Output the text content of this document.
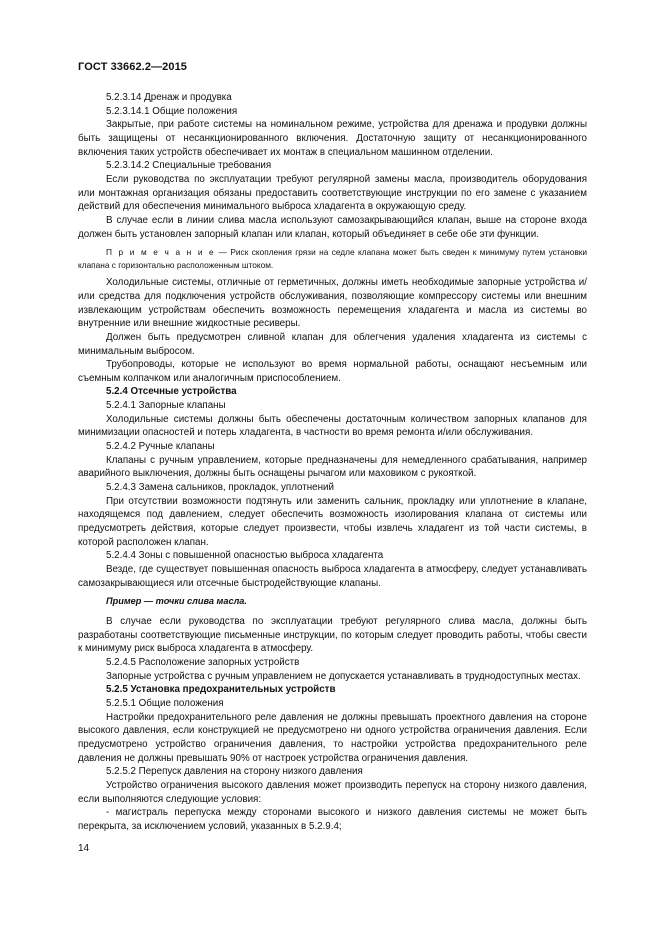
ГОСТ 33662.2—2015

5.2.3.14 Дренаж и продувка

5.2.3.14.1 Общие положения

Закрытые, при работе системы на номинальном режиме, устройства для дренажа и продувки должны быть защищены от несанкционированного включения. Достаточную защиту от несанкционированного включения таких устройств обеспечивает их монтаж в специальном машинном отделении.

5.2.3.14.2 Специальные требования

Если руководства по эксплуатации требуют регулярной замены масла, производитель оборудования или монтажная организация обязаны предоставить соответствующие инструкции по его замене с указанием действий для обеспечения минимального выброса хладагента в окружающую среду.

В случае если в линии слива масла используют самозакрывающийся клапан, выше на стороне входа должен быть установлен запорный клапан или клапан, который объединяет в себе обе эти функции.

П р и м е ч а н и е — Риск скопления грязи на седле клапана может быть сведен к минимуму путем установки клапана с горизонтально расположенным штоком.

Холодильные системы, отличные от герметичных, должны иметь необходимые запорные устройства и/или средства для подключения устройств обслуживания, позволяющие компрессору системы или внешним извлекающим устройствам обеспечить возможность перемещения хладагента и масла из системы во внутренние или внешние жидкостные ресиверы.

Должен быть предусмотрен сливной клапан для облегчения удаления хладагента из системы с минимальным выбросом.

Трубопроводы, которые не используют во время нормальной работы, оснащают несъемным или съемным колпачком или аналогичным приспособлением.

5.2.4 Отсечные устройства

5.2.4.1 Запорные клапаны

Холодильные системы должны быть обеспечены достаточным количеством запорных клапанов для минимизации опасностей и потерь хладагента, в частности во время ремонта и/или обслуживания.

5.2.4.2 Ручные клапаны

Клапаны с ручным управлением, которые предназначены для немедленного срабатывания, например аварийного выключения, должны быть оснащены рычагом или маховиком с рукояткой.

5.2.4.3 Замена сальников, прокладок, уплотнений

При отсутствии возможности подтянуть или заменить сальник, прокладку или уплотнение в клапане, находящемся под давлением, следует обеспечить возможность изолирования клапана от системы или предусмотреть действия, которые следует произвести, чтобы извлечь хладагент из той части системы, в которой расположен клапан.

5.2.4.4 Зоны с повышенной опасностью выброса хладагента

Везде, где существует повышенная опасность выброса хладагента в атмосферу, следует устанавливать самозакрывающиеся или отсечные быстродействующие клапаны.

Пример — точки слива масла.

В случае если руководства по эксплуатации требуют регулярного слива масла, должны быть разработаны соответствующие письменные инструкции, по которым следует проводить работы, чтобы свести к минимуму риск выброса хладагента в атмосферу.

5.2.4.5 Расположение запорных устройств

Запорные устройства с ручным управлением не допускается устанавливать в труднодоступных местах.

5.2.5 Установка предохранительных устройств

5.2.5.1 Общие положения

Настройки предохранительного реле давления не должны превышать проектного давления на стороне высокого давления, если конструкцией не предусмотрено ни одного устройства ограничения давления. Если предусмотрено устройство ограничения давления, то настройки устройства предохранительного реле давления не должны превышать 90% от настроек устройства ограничения давления.

5.2.5.2 Перепуск давления на сторону низкого давления

Устройство ограничения высокого давления может производить перепуск на сторону низкого давления, если выполняются следующие условия:

- магистраль перепуска между сторонами высокого и низкого давления системы не может быть перекрыта, за исключением условий, указанных в 5.2.9.4;

14
